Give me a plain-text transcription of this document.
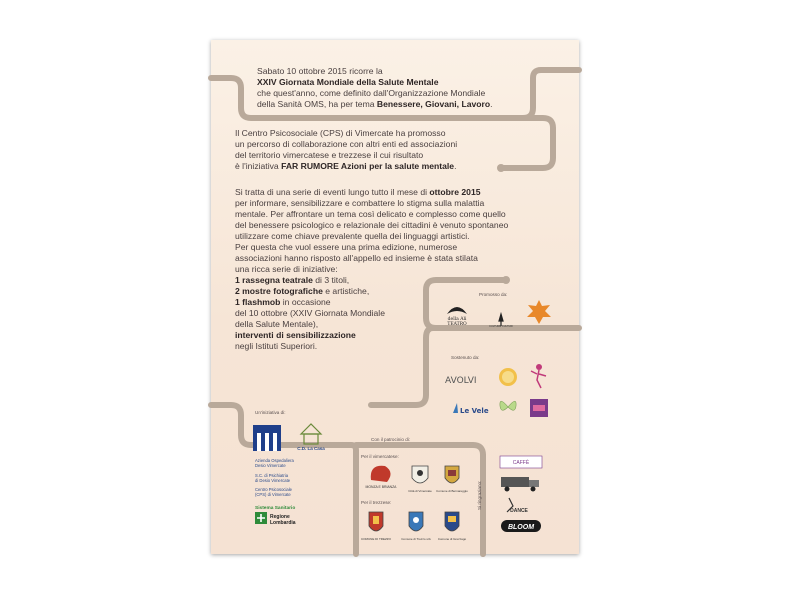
Sabato 10 ottobre 2015 ricorre la
XXIV Giornata Mondiale della Salute Mentale
che quest'anno, come definito dall'Organizzazione Mondiale
della Sanità OMS, ha per tema Benessere, Giovani, Lavoro.
Il Centro Psicosociale (CPS) di Vimercate ha promosso
un percorso di collaborazione con altri enti ed associazioni
del territorio vimercatese e trezzese il cui risultato
è l'iniziativa FAR RUMORE Azioni per la salute mentale.
Si tratta di una serie di eventi lungo tutto il mese di ottobre 2015
per informare, sensibilizzare e combattere lo stigma sulla malattia
mentale. Per affrontare un tema così delicato e complesso come quello
del benessere psicologico e relazionale dei cittadini è venuto spontaneo
utilizzare come chiave prevalente quella dei linguaggi artistici.
Per questa che vuol essere una prima edizione, numerose
associazioni hanno risposto all'appello ed insieme è stata stilata
una ricca serie di iniziative:
1 rassegna teatrale di 3 titoli,
2 mostre fotografiche e artistiche,
1 flashmob in occasione
del 10 ottobre (XXIV Giornata Mondiale
della Salute Mentale),
interventi di sensibilizzazione
negli Istituti Superiori.
Promosso da:
Sostenuto da:
Un'iniziativa di:
Con il patrocinio di:
Per il vimercatese:
Per il trezzese:	Si ringraziano:
della Ali
TEATRO	CULTURE CULTURI
AVOLVI
Le Vele
C.D. La Casa
Azienda Ospedaliera
Desio Vimercate
S.C. di Psichiatria
di Desio Vimercate
Centro Psicosociale
(CPS) di Vimercate
Sistema Sanitario
Regione
Lombardia
MONZA E BRIANZA
Città di Vimercate Comune di Bernareggio
COMUNE DI TREZZO	Comune di Trezzo s/A Comune di Grezzago
CAFFÈ
DANCE
BLOOM
